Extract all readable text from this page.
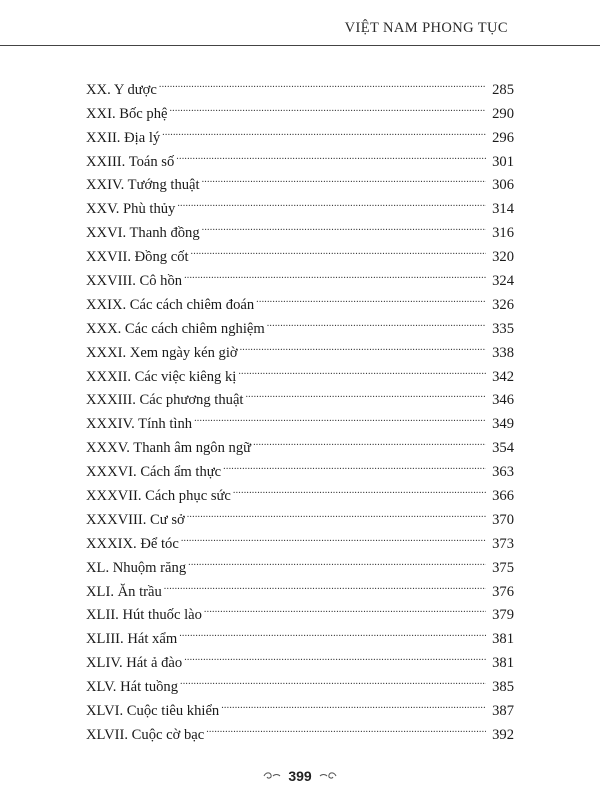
VIỆT NAM PHONG TỤC
XX. Y dược .....	285
XXI. Bốc phệ .....	290
XXII. Địa lý .....	296
XXIII. Toán số .....	301
XXIV. Tướng thuật .....	306
XXV. Phù thủy .....	314
XXVI. Thanh đồng .....	316
XXVII. Đồng cốt .....	320
XXVIII. Cô hồn .....	324
XXIX. Các cách chiêm đoán .....	326
XXX. Các cách chiêm nghiệm .....	335
XXXI. Xem ngày kén giờ .....	338
XXXII. Các việc kiêng kị .....	342
XXXIII. Các phương thuật .....	346
XXXIV. Tính tình .....	349
XXXV. Thanh âm ngôn ngữ .....	354
XXXVI. Cách ẩm thực .....	363
XXXVII. Cách phục sức .....	366
XXXVIII. Cư sở .....	370
XXXIX. Để tóc .....	373
XL. Nhuộm răng .....	375
XLI. Ăn trầu .....	376
XLII. Hút thuốc lào .....	379
XLIII. Hát xẩm .....	381
XLIV. Hát ả đào .....	381
XLV. Hát tuồng .....	385
XLVI. Cuộc tiêu khiển .....	387
XLVII. Cuộc cờ bạc .....	392
399
